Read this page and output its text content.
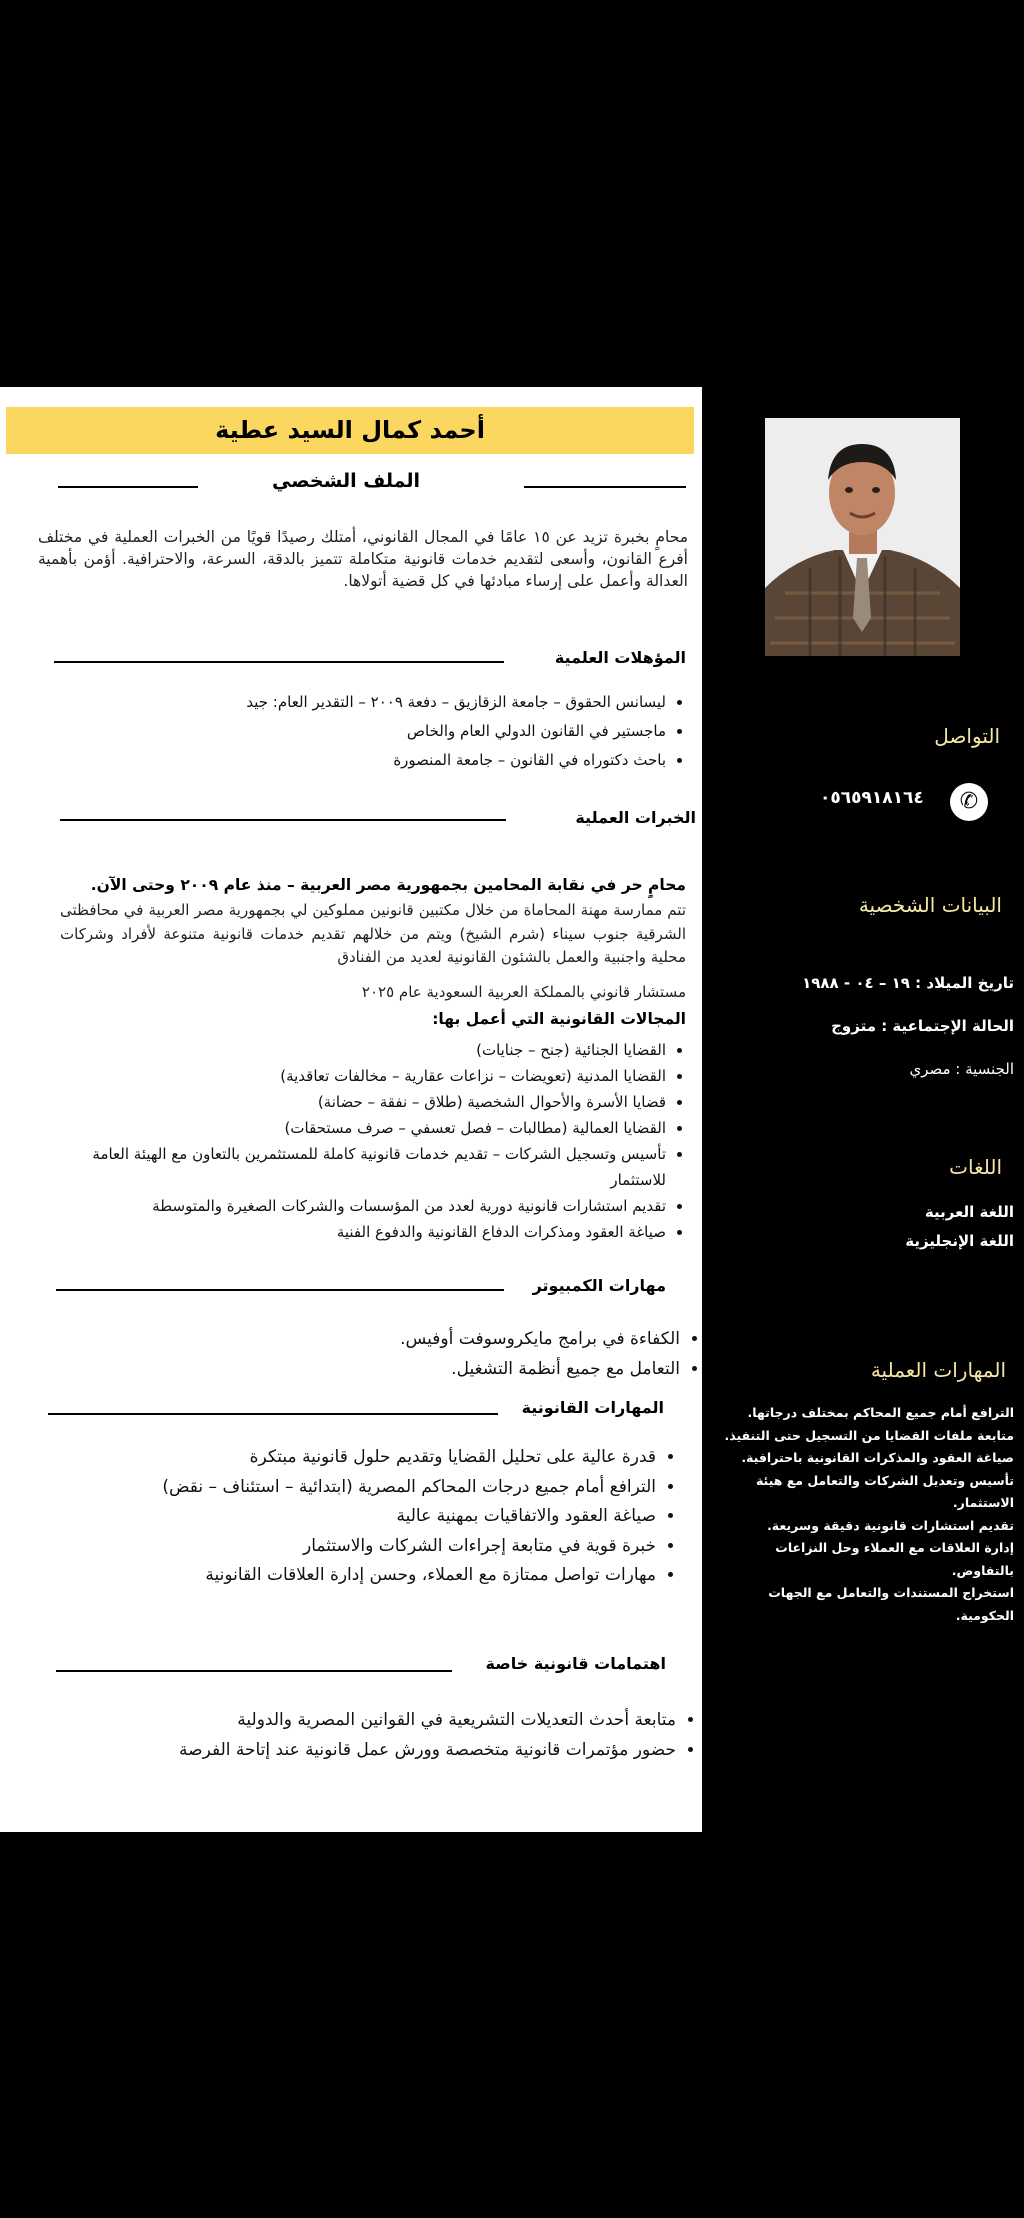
أحمد كمال السيد عطية
الملف الشخصي
محامٍ بخبرة تزيد عن ١٥ عامًا في المجال القانوني، أمتلك رصيدًا قويًا من الخبرات العملية في مختلف أفرع القانون، وأسعى لتقديم خدمات قانونية متكاملة تتميز بالدقة، السرعة، والاحترافية. أؤمن بأهمية العدالة وأعمل على إرساء مبادئها في كل قضية أتولاها.
المؤهلات العلمية
• ليسانس الحقوق – جامعة الزقازيق – دفعة ٢٠٠٩ – التقدير العام: جيد
• ماجستير في القانون الدولي العام والخاص
• باحث دكتوراه في القانون – جامعة المنصورة
الخبرات العملية
محامٍ حر في نقابة المحامين بجمهورية مصر العربية – منذ عام ٢٠٠٩ وحتى الآن.
تتم ممارسة مهنة المحاماة من خلال مكتبين قانونين مملوكين لي بجمهورية مصر العربية في محافظتى الشرقية جنوب سيناء (شرم الشيخ) ويتم من خلالهم تقديم خدمات قانونية متنوعة لأفراد وشركات محلية واجنبية والعمل بالشئون القانونية لعديد من الفنادق
مستشار قانوني بالمملكة العربية السعودية عام ٢٠٢٥
المجالات القانونية التي أعمل بها:
• القضايا الجنائية (جنح – جنايات)
• القضايا المدنية (تعويضات – نزاعات عقارية – مخالفات تعاقدية)
• قضايا الأسرة والأحوال الشخصية (طلاق – نفقة – حضانة)
• القضايا العمالية (مطالبات – فصل تعسفي – صرف مستحقات)
• تأسيس وتسجيل الشركات – تقديم خدمات قانونية كاملة للمستثمرين بالتعاون مع الهيئة العامة للاستثمار
• تقديم استشارات قانونية دورية لعدد من المؤسسات والشركات الصغيرة والمتوسطة
• صياغة العقود ومذكرات الدفاع القانونية والدفوع الفنية
مهارات الكمبيوتر
• الكفاءة في برامج مايكروسوفت أوفيس.
• التعامل مع جميع أنظمة التشغيل.
المهارات القانونية
• قدرة عالية على تحليل القضايا وتقديم حلول قانونية مبتكرة
• الترافع أمام جميع درجات المحاكم المصرية (ابتدائية – استئناف – نقض)
• صياغة العقود والاتفاقيات بمهنية عالية
• خبرة قوية في متابعة إجراءات الشركات والاستثمار
• مهارات تواصل ممتازة مع العملاء، وحسن إدارة العلاقات القانونية
اهتمامات قانونية خاصة
• متابعة أحدث التعديلات التشريعية في القوانين المصرية والدولية
• حضور مؤتمرات قانونية متخصصة وورش عمل قانونية عند إتاحة الفرصة
التواصل
✆
٠٥٦٥٩١٨١٦٤
البيانات الشخصية
• تاريخ الميلاد : ١٩ – ٠٤ - ١٩٨٨
• الحالة الإجتماعية : متزوج
• الجنسية : مصري
اللغات
• اللغة العربية
• اللغة الإنجليزية
المهارات العملية
• الترافع أمام جميع المحاكم بمختلف درجاتها.
• متابعة ملفات القضايا من التسجيل حتى التنفيذ.
• صياغة العقود والمذكرات القانونية باحترافية.
• تأسيس وتعديل الشركات والتعامل مع هيئة الاستثمار.
• تقديم استشارات قانونية دقيقة وسريعة.
• إدارة العلاقات مع العملاء وحل النزاعات بالتفاوض.
• استخراج المستندات والتعامل مع الجهات الحكومية.
